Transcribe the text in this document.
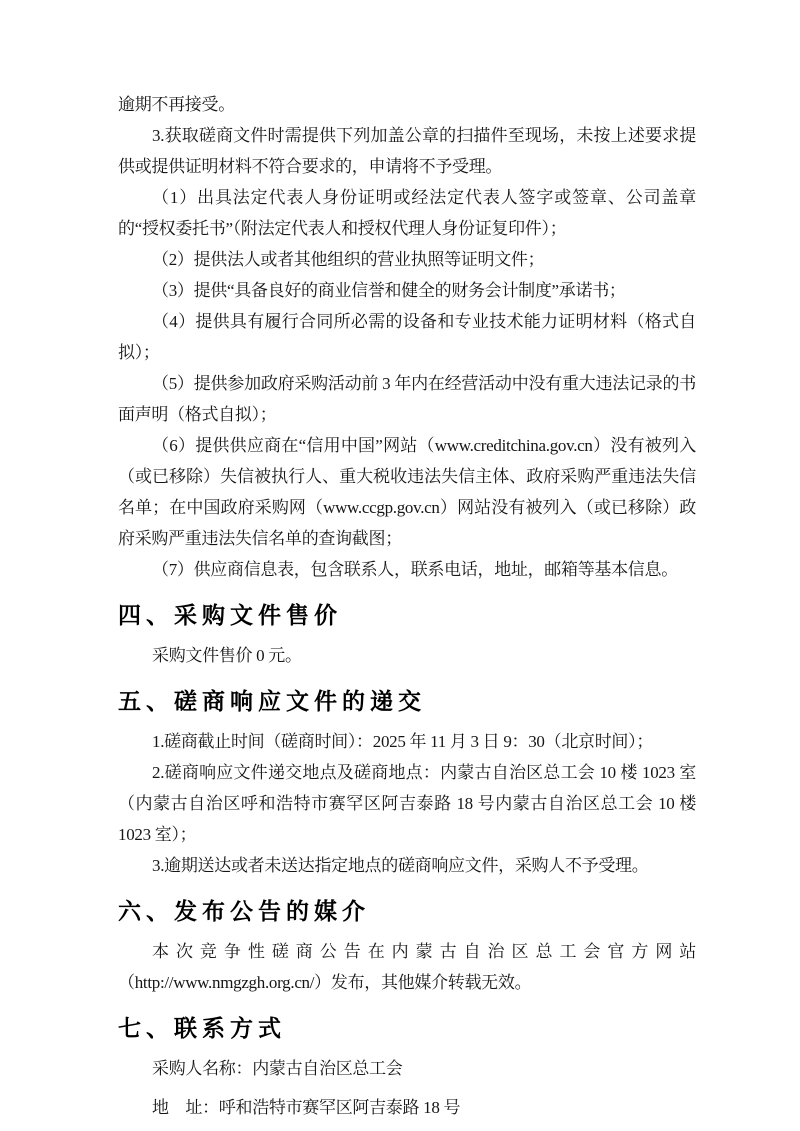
逾期不再接受。

3.获取磋商文件时需提供下列加盖公章的扫描件至现场，未按上述要求提供或提供证明材料不符合要求的，申请将不予受理。

（1）出具法定代表人身份证明或经法定代表人签字或签章、公司盖章的“授权委托书”（附法定代表人和授权代理人身份证复印件）；

（2）提供法人或者其他组织的营业执照等证明文件；

（3）提供“具备良好的商业信誉和健全的财务会计制度”承诺书；

（4）提供具有履行合同所必需的设备和专业技术能力证明材料（格式自拟）；

（5）提供参加政府采购活动前 3 年内在经营活动中没有重大违法记录的书面声明（格式自拟）；

（6）提供供应商在“信用中国”网站（www.creditchina.gov.cn）没有被列入（或已移除）失信被执行人、重大税收违法失信主体、政府采购严重违法失信名单；在中国政府采购网（www.ccgp.gov.cn）网站没有被列入（或已移除）政府采购严重违法失信名单的查询截图；

（7）供应商信息表，包含联系人，联系电话，地址，邮箱等基本信息。

四、采购文件售价

采购文件售价 0 元。

五、磋商响应文件的递交

1.磋商截止时间（磋商时间）：2025 年 11 月 3 日 9：30（北京时间）；

2.磋商响应文件递交地点及磋商地点：内蒙古自治区总工会 10 楼 1023 室（内蒙古自治区呼和浩特市赛罕区阿吉泰路 18 号内蒙古自治区总工会 10 楼 1023 室）；

3.逾期送达或者未送达指定地点的磋商响应文件，采购人不予受理。

六、发布公告的媒介

本次竞争性磋商公告在内蒙古自治区总工会官方网站（http://www.nmgzgh.org.cn/）发布，其他媒介转载无效。

七、联系方式

采购人名称：内蒙古自治区总工会

地　址：呼和浩特市赛罕区阿吉泰路 18 号
